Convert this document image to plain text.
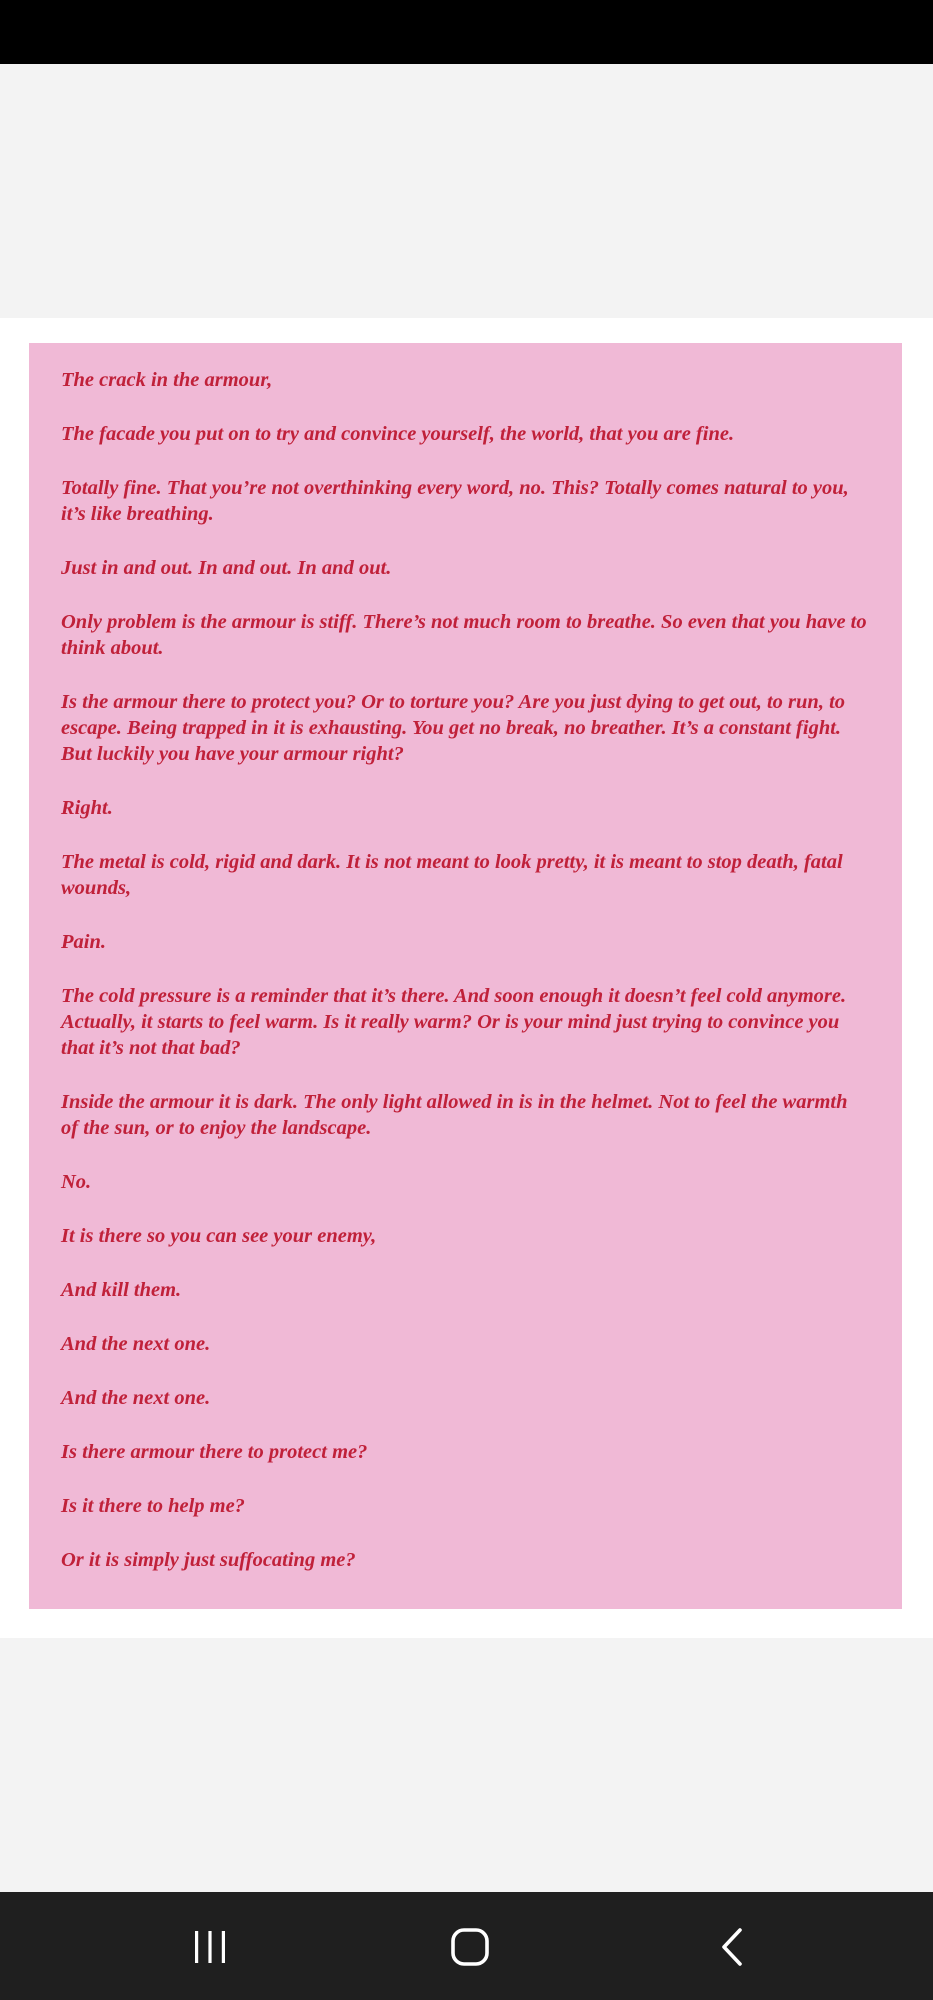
The crack in the armour,

The facade you put on to try and convince yourself, the world, that you are fine.

Totally fine. That you’re not overthinking every word, no. This? Totally comes natural to you, it’s like breathing.

Just in and out. In and out. In and out.

Only problem is the armour is stiff. There’s not much room to breathe. So even that you have to think about.

Is the armour there to protect you? Or to torture you? Are you just dying to get out, to run, to escape. Being trapped in it is exhausting. You get no break, no breather. It’s a constant fight. But luckily you have your armour right?

Right.

The metal is cold, rigid and dark. It is not meant to look pretty, it is meant to stop death, fatal wounds,

Pain.

The cold pressure is a reminder that it’s there. And soon enough it doesn’t feel cold anymore. Actually, it starts to feel warm. Is it really warm? Or is your mind just trying to convince you that it’s not that bad?

Inside the armour it is dark. The only light allowed in is in the helmet. Not to feel the warmth of the sun, or to enjoy the landscape.

No.

It is there so you can see your enemy,

And kill them.

And the next one.

And the next one.

Is there armour there to protect me?

Is it there to help me?

Or it is simply just suffocating me?
